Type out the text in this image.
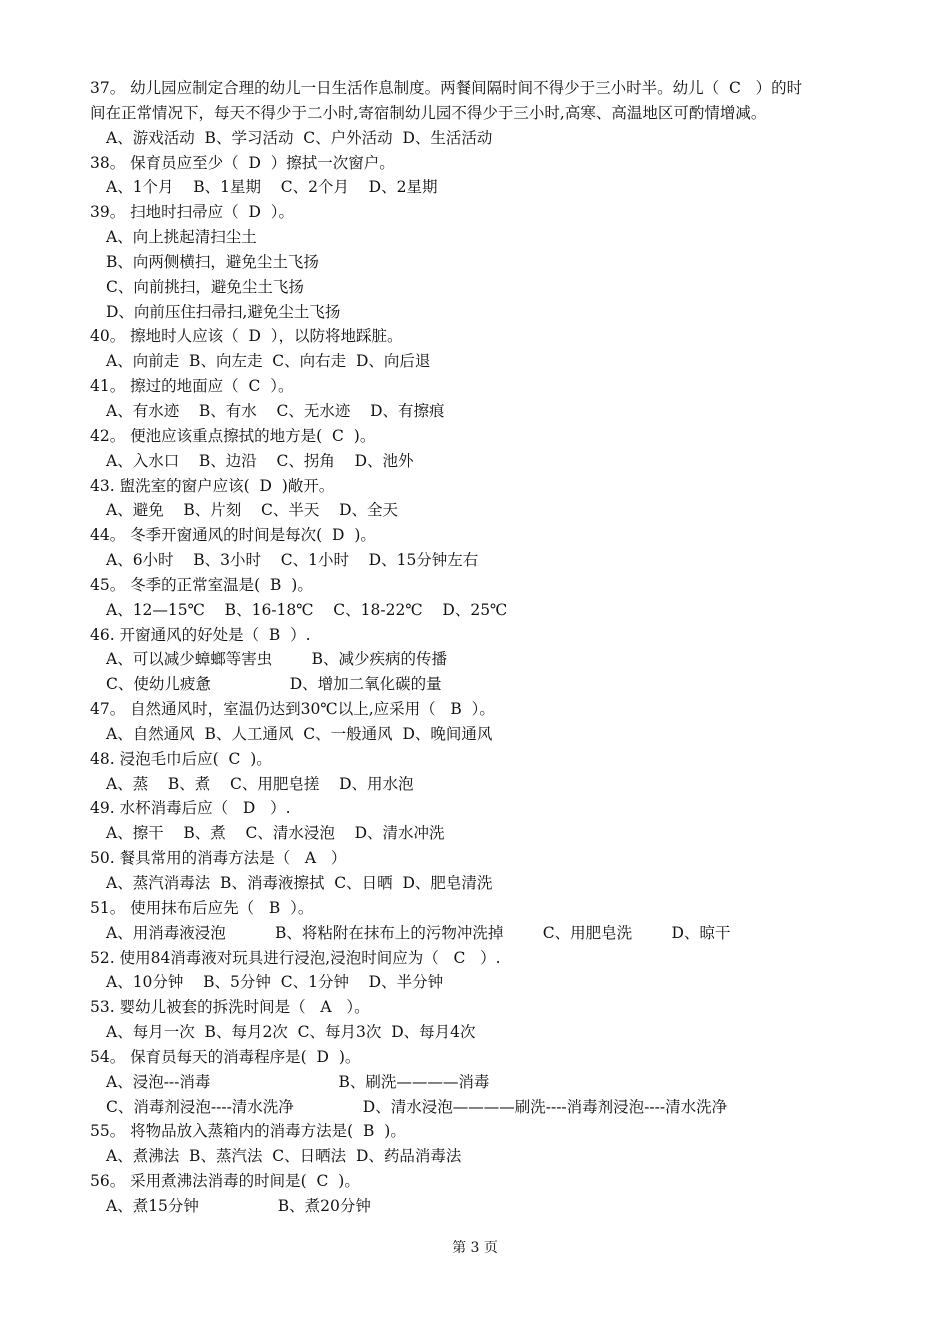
37。 幼儿园应制定合理的幼儿一日生活作息制度。两餐间隔时间不得少于三小时半。幼儿（  C   ）的时
间在正常情况下，每天不得少于二小时,寄宿制幼儿园不得少于三小时,高寒、高温地区可酌情增减。
A、游戏活动  B、学习活动  C、户外活动  D、生活活动
38。 保育员应至少（  D  ）擦拭一次窗户。
A、1个月    B、1星期    C、2个月    D、2星期
39。 扫地时扫帚应（  D  ）。
A、向上挑起清扫尘土
B、向两侧横扫，避免尘土飞扬
C、向前挑扫，避免尘土飞扬
D、向前压住扫帚扫,避免尘土飞扬
40。 擦地时人应该（  D  ），以防将地踩脏。
A、向前走  B、向左走  C、向右走  D、向后退
41。 擦过的地面应（  C  ）。
A、有水迹    B、有水    C、无水迹    D、有擦痕
42。 便池应该重点擦拭的地方是(  C  )。
A、入水口    B、边沿    C、拐角    D、池外
43. 盥洗室的窗户应该(  D  )敞开。
A、避免    B、片刻    C、半天    D、全天
44。 冬季开窗通风的时间是每次(  D  )。
A、6小时    B、3小时    C、1小时    D、15分钟左右
45。 冬季的正常室温是(  B  )。
A、12—15℃    B、16-18℃    C、18-22℃    D、25℃
46. 开窗通风的好处是（  B  ）.
A、可以减少蟑螂等害虫        B、减少疾病的传播
C、使幼儿疲惫                D、增加二氧化碳的量
47。 自然通风时，室温仍达到30℃以上,应采用（   B  ）。
A、自然通风  B、人工通风  C、一般通风  D、晚间通风
48. 浸泡毛巾后应(  C  )。
A、蒸    B、煮    C、用肥皂搓    D、用水泡
49. 水杯消毒后应（   D   ）.
A、擦干    B、煮    C、清水浸泡    D、清水冲洗
50. 餐具常用的消毒方法是（   A   ）
A、蒸汽消毒法  B、消毒液擦拭  C、日晒  D、肥皂清洗
51。 使用抹布后应先（   B  ）。
A、用消毒液浸泡          B、将粘附在抹布上的污物冲洗掉        C、用肥皂洗        D、晾干
52. 使用84消毒液对玩具进行浸泡,浸泡时间应为（   C   ）.
A、10分钟    B、5分钟  C、1分钟    D、半分钟
53. 婴幼儿被套的拆洗时间是（   A   ）。
A、每月一次  B、每月2次  C、每月3次  D、每月4次
54。 保育员每天的消毒程序是(  D  )。
A、浸泡---消毒                          B、刷洗————消毒
C、消毒剂浸泡----清水洗净              D、清水浸泡————刷洗----消毒剂浸泡----清水洗净
55。 将物品放入蒸箱内的消毒方法是(  B  )。
A、煮沸法  B、蒸汽法  C、日晒法  D、药品消毒法
56。 采用煮沸法消毒的时间是(  C  )。
A、煮15分钟                B、煮20分钟
第 3 页
